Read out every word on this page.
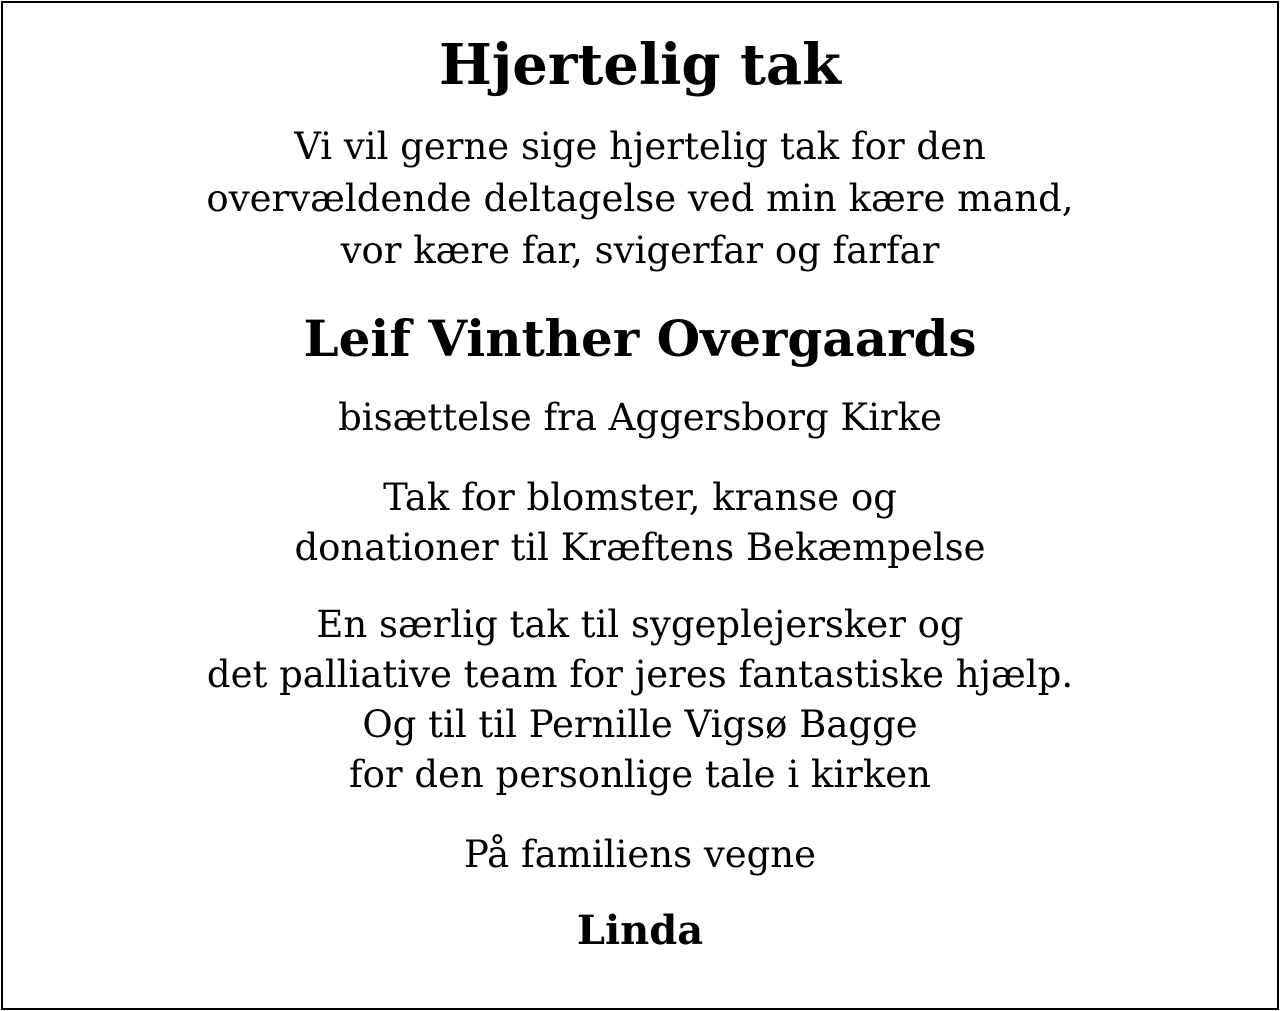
Hjertelig tak
Vi vil gerne sige hjertelig tak for den
overvældende deltagelse ved min kære mand,
vor kære far, svigerfar og farfar
Leif Vinther Overgaards
bisættelse fra Aggersborg Kirke
Tak for blomster, kranse og
donationer til Kræftens Bekæmpelse
En særlig tak til sygeplejersker og
det palliative team for jeres fantastiske hjælp.
Og til til Pernille Vigsø Bagge
for den personlige tale i kirken
På familiens vegne
Linda
